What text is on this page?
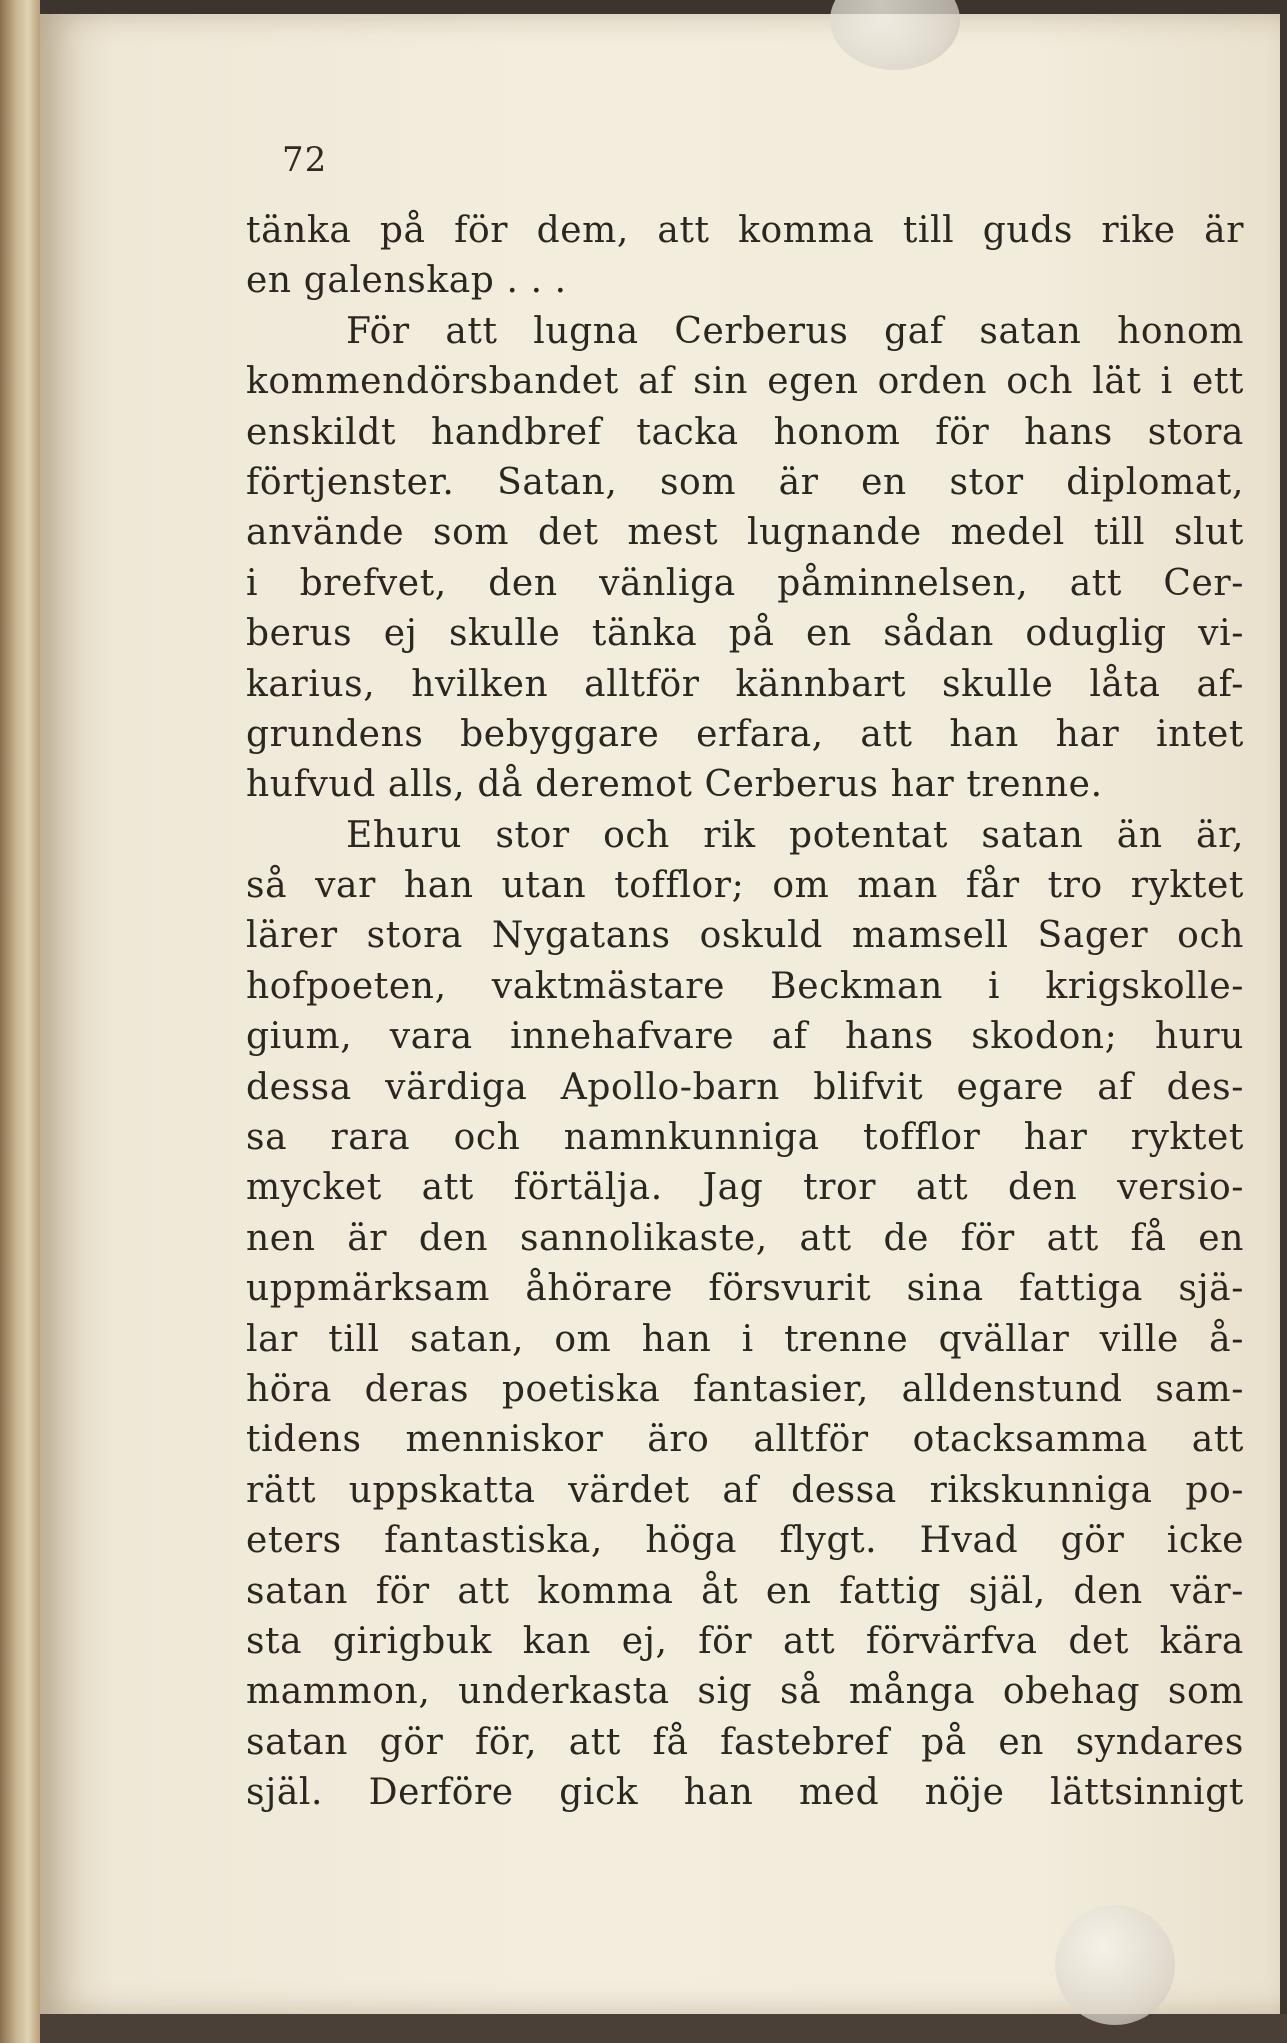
72
tänka på för dem, att komma till guds rike är
en galenskap . . .
För att lugna Cerberus gaf satan honom
kommendörsbandet af sin egen orden och lät i ett
enskildt handbref tacka honom för hans stora
förtjenster. Satan, som är en stor diplomat,
använde som det mest lugnande medel till slut
i brefvet, den vänliga påminnelsen, att Cer-
berus ej skulle tänka på en sådan oduglig vi-
karius, hvilken alltför kännbart skulle låta af-
grundens bebyggare erfara, att han har intet
hufvud alls, då deremot Cerberus har trenne.
Ehuru stor och rik potentat satan än är,
så var han utan tofflor; om man får tro ryktet
lärer stora Nygatans oskuld mamsell Sager och
hofpoeten, vaktmästare Beckman i krigskolle-
gium, vara innehafvare af hans skodon; huru
dessa värdiga Apollo-barn blifvit egare af des-
sa rara och namnkunniga tofflor har ryktet
mycket att förtälja. Jag tror att den versio-
nen är den sannolikaste, att de för att få en
uppmärksam åhörare försvurit sina fattiga sjä-
lar till satan, om han i trenne qvällar ville å-
höra deras poetiska fantasier, alldenstund sam-
tidens menniskor äro alltför otacksamma att
rätt uppskatta värdet af dessa rikskunniga po-
eters fantastiska, höga flygt. Hvad gör icke
satan för att komma åt en fattig själ, den vär-
sta girigbuk kan ej, för att förvärfva det kära
mammon, underkasta sig så många obehag som
satan gör för, att få fastebref på en syndares
själ. Derföre gick han med nöje lättsinnigt
